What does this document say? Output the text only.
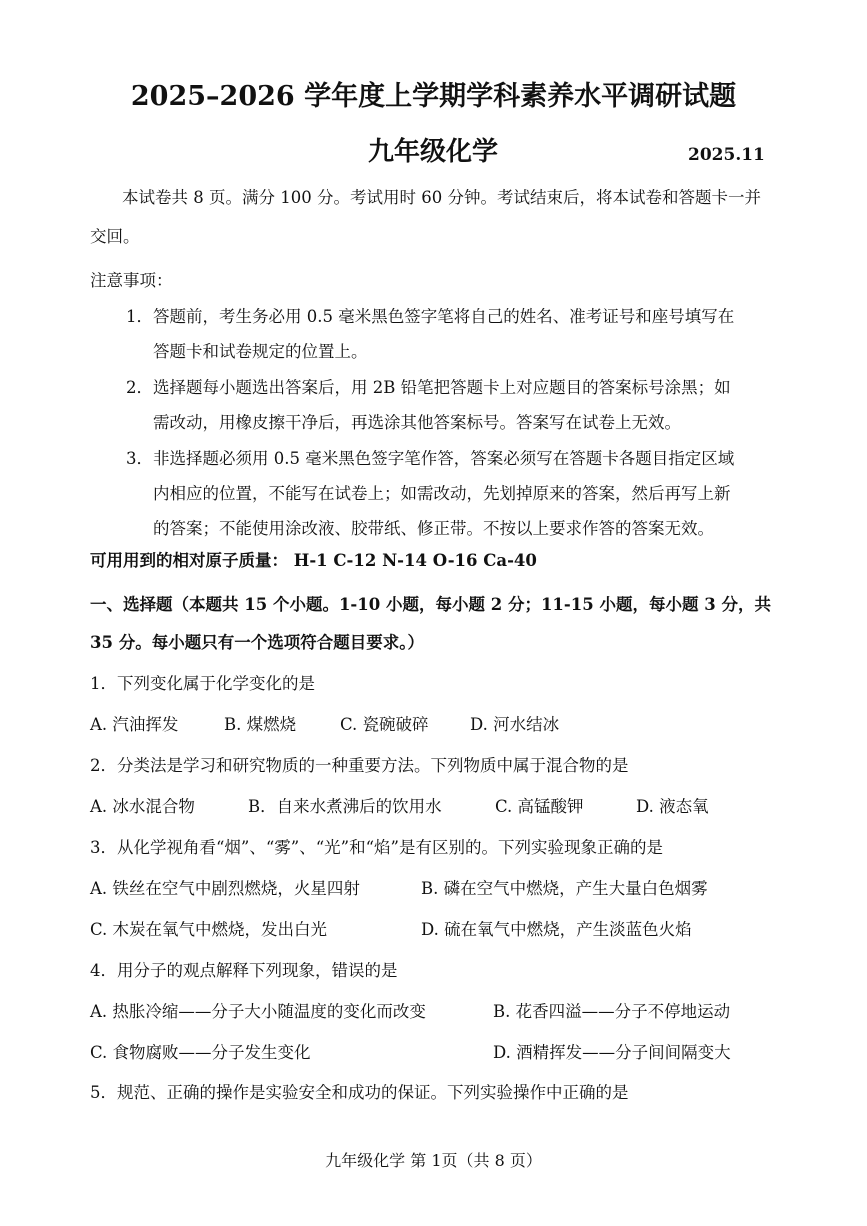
2025–2026 学年度上学期学科素养水平调研试题
九年级化学	2025.11
本试卷共 8 页。满分 100 分。考试用时 60 分钟。考试结束后，将本试卷和答题卡一并
交回。
注意事项：
1．答题前，考生务必用 0.5 毫米黑色签字笔将自己的姓名、准考证号和座号填写在
答题卡和试卷规定的位置上。
2．选择题每小题选出答案后，用 2B 铅笔把答题卡上对应题目的答案标号涂黑；如
需改动，用橡皮擦干净后，再选涂其他答案标号。答案写在试卷上无效。
3．非选择题必须用 0.5 毫米黑色签字笔作答，答案必须写在答题卡各题目指定区域
内相应的位置，不能写在试卷上；如需改动，先划掉原来的答案，然后再写上新
的答案；不能使用涂改液、胶带纸、修正带。不按以上要求作答的答案无效。
可用用到的相对原子质量： H-1 C-12 N-14 O-16 Ca-40
一、选择题（本题共 15 个小题。1-10 小题，每小题 2 分；11-15 小题，每小题 3 分，共
35 分。每小题只有一个选项符合题目要求。）
1．下列变化属于化学变化的是
A. 汽油挥发	B. 煤燃烧	C. 瓷碗破碎	D. 河水结冰
2．分类法是学习和研究物质的一种重要方法。下列物质中属于混合物的是
A. 冰水混合物	B．自来水煮沸后的饮用水	C. 高锰酸钾	D. 液态氧
3．从化学视角看“烟”、“雾”、“光”和“焰”是有区别的。下列实验现象正确的是
A. 铁丝在空气中剧烈燃烧，火星四射	B. 磷在空气中燃烧，产生大量白色烟雾
C. 木炭在氧气中燃烧，发出白光	D. 硫在氧气中燃烧，产生淡蓝色火焰
4．用分子的观点解释下列现象，错误的是
A. 热胀冷缩——分子大小随温度的变化而改变	B. 花香四溢——分子不停地运动
C. 食物腐败——分子发生变化	D. 酒精挥发——分子间间隔变大
5．规范、正确的操作是实验安全和成功的保证。下列实验操作中正确的是
九年级化学 第 1页（共 8 页）
